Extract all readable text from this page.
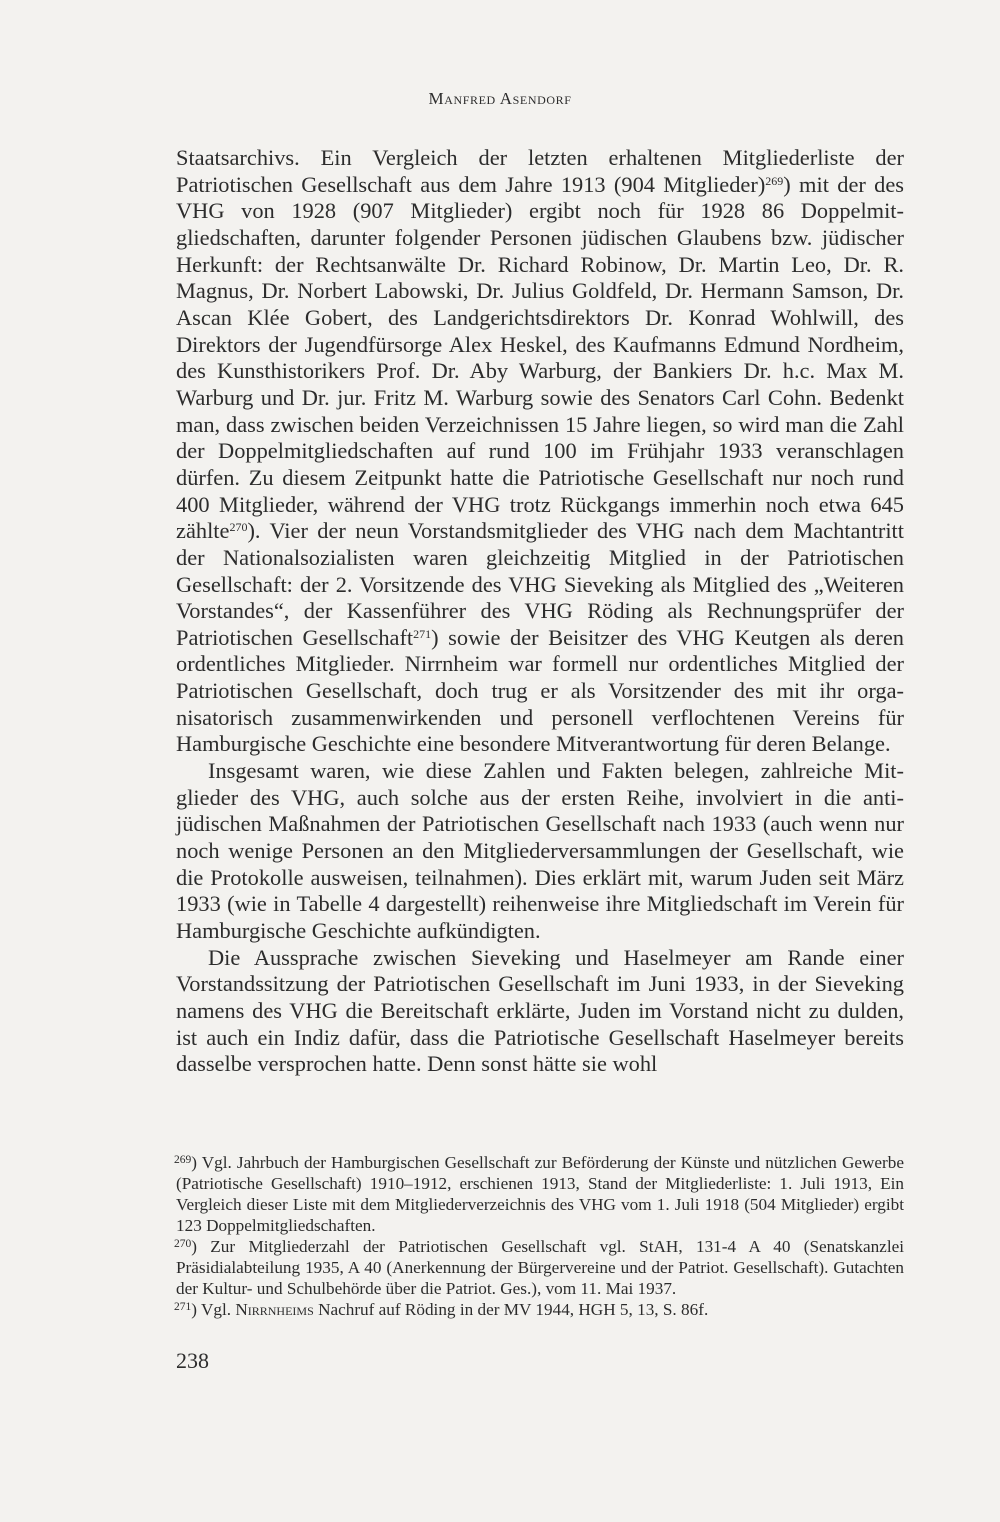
Manfred Asendorf

Staatsarchivs. Ein Vergleich der letzten erhaltenen Mitgliederliste der Patriotischen Gesellschaft aus dem Jahre 1913 (904 Mitglieder)$^{269}$) mit der des VHG von 1928 (907 Mitglieder) ergibt noch für 1928 86 Doppelmitgliedschaften, darunter folgender Personen jüdischen Glaubens bzw. jüdischer Herkunft: der Rechtsanwälte Dr. Richard Robinow, Dr. Martin Leo, Dr. R. Magnus, Dr. Norbert Labowski, Dr. Julius Goldfeld, Dr. Hermann Samson, Dr. Ascan Klée Gobert, des Landgerichtsdirektors Dr. Konrad Wohlwill, des Direktors der Jugendfürsorge Alex Heskel, des Kaufmanns Edmund Nordheim, des Kunsthistorikers Prof. Dr. Aby Warburg, der Bankiers Dr. h.c. Max M. Warburg und Dr. jur. Fritz M. Warburg sowie des Senators Carl Cohn. Bedenkt man, dass zwischen beiden Verzeichnissen 15 Jahre liegen, so wird man die Zahl der Doppelmitgliedschaften auf rund 100 im Frühjahr 1933 veranschlagen dürfen. Zu diesem Zeitpunkt hatte die Patriotische Gesellschaft nur noch rund 400 Mitglieder, während der VHG trotz Rückgangs immerhin noch etwa 645 zählte$^{270}$). Vier der neun Vorstandsmitglieder des VHG nach dem Machtantritt der Nationalsozialisten waren gleichzeitig Mitglied in der Patriotischen Gesellschaft: der 2. Vorsitzende des VHG Sieveking als Mitglied des „Weiteren Vorstandes“, der Kassenführer des VHG Röding als Rechnungsprüfer der Patriotischen Gesellschaft$^{271}$) sowie der Beisitzer des VHG Keutgen als deren ordentliches Mitglieder. Nirrnheim war formell nur ordentliches Mitglied der Patriotischen Gesellschaft, doch trug er als Vorsitzender des mit ihr organisatorisch zusammenwirkenden und personell verflochtenen Vereins für Hamburgische Geschichte eine besondere Mitverantwortung für deren Belange.

Insgesamt waren, wie diese Zahlen und Fakten belegen, zahlreiche Mitglieder des VHG, auch solche aus der ersten Reihe, involviert in die antijüdischen Maßnahmen der Patriotischen Gesellschaft nach 1933 (auch wenn nur noch wenige Personen an den Mitgliederversammlungen der Gesellschaft, wie die Protokolle ausweisen, teilnahmen). Dies erklärt mit, warum Juden seit März 1933 (wie in Tabelle 4 dargestellt) reihenweise ihre Mitgliedschaft im Verein für Hamburgische Geschichte aufkündigten.

Die Aussprache zwischen Sieveking und Haselmeyer am Rande einer Vorstandssitzung der Patriotischen Gesellschaft im Juni 1933, in der Sieveking namens des VHG die Bereitschaft erklärte, Juden im Vorstand nicht zu dulden, ist auch ein Indiz dafür, dass die Patriotische Gesellschaft Haselmeyer bereits dasselbe versprochen hatte. Denn sonst hätte sie wohl

$^{269}$) Vgl. Jahrbuch der Hamburgischen Gesellschaft zur Beförderung der Künste und nützlichen Gewerbe (Patriotische Gesellschaft) 1910–1912, erschienen 1913, Stand der Mitgliederliste: 1. Juli 1913, Ein Vergleich dieser Liste mit dem Mitgliederverzeichnis des VHG vom 1. Juli 1918 (504 Mitglieder) ergibt 123 Doppelmitgliedschaften.

$^{270}$) Zur Mitgliederzahl der Patriotischen Gesellschaft vgl. StAH, 131-4 A 40 (Senatskanzlei Präsidialabteilung 1935, A 40 (Anerkennung der Bürgervereine und der Patriot. Gesellschaft). Gutachten der Kultur- und Schulbehörde über die Patriot. Ges.), vom 11. Mai 1937.

$^{271}$) Vgl. Nirrnheims Nachruf auf Röding in der MV 1944, HGH 5, 13, S. 86f.

238
